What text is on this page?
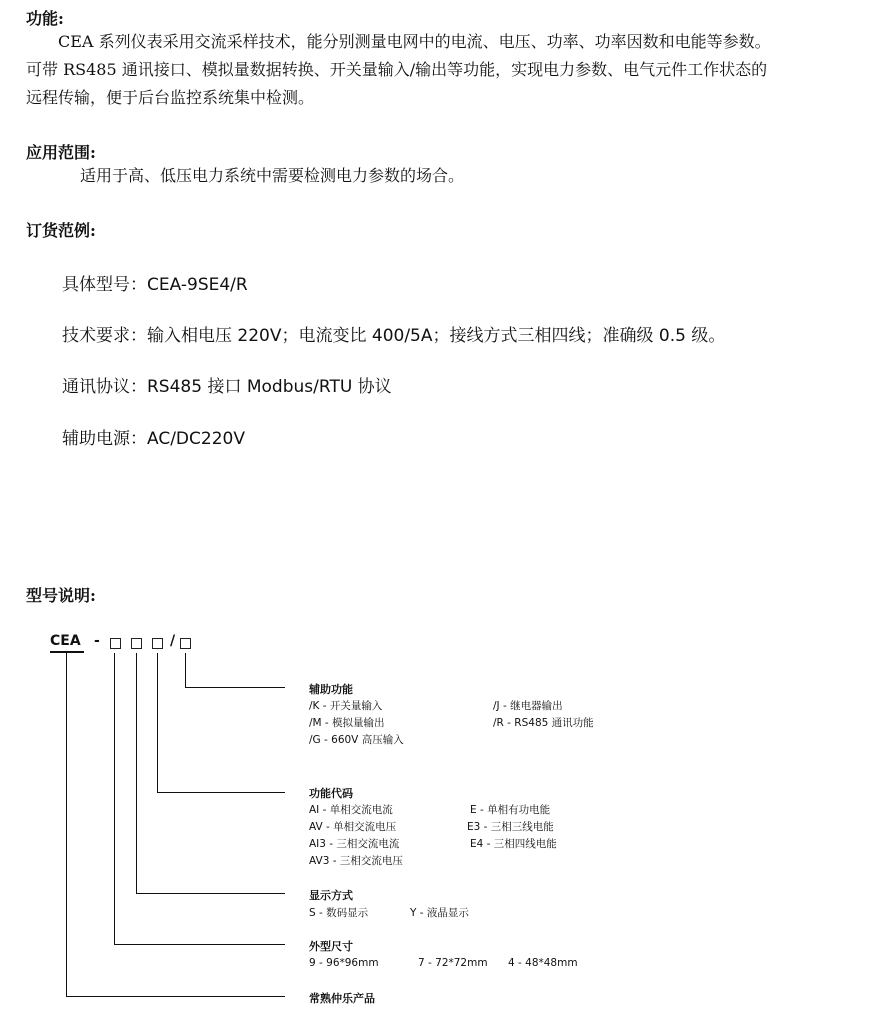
功能:
CEA 系列仪表采用交流采样技术，能分别测量电网中的电流、电压、功率、功率因数和电能等参数。
可带 RS485 通讯接口、模拟量数据转换、开关量输入/输出等功能，实现电力参数、电气元件工作状态的
远程传输，便于后台监控系统集中检测。
应用范围:
适用于高、低压电力系统中需要检测电力参数的场合。
订货范例:
具体型号：CEA-9SE4/R
技术要求：输入相电压 220V；电流变比 400/5A；接线方式三相四线；准确级 0.5 级。
通讯协议：RS485 接口 Modbus/RTU 协议
辅助电源：AC/DC220V
型号说明:
CEA -	/
辅助功能
/K - 开关量输入	/J - 继电器输出
/M - 模拟量输出	/R - RS485 通讯功能
/G - 660V 高压输入
功能代码
AI - 单相交流电流	E - 单相有功电能
AV - 单相交流电压	E3 - 三相三线电能
AI3 - 三相交流电流	E4 - 三相四线电能
AV3 - 三相交流电压
显示方式
S - 数码显示	Y - 液晶显示
外型尺寸
9 - 96*96mm	7 - 72*72mm 4 - 48*48mm
常熟仲乐产品
